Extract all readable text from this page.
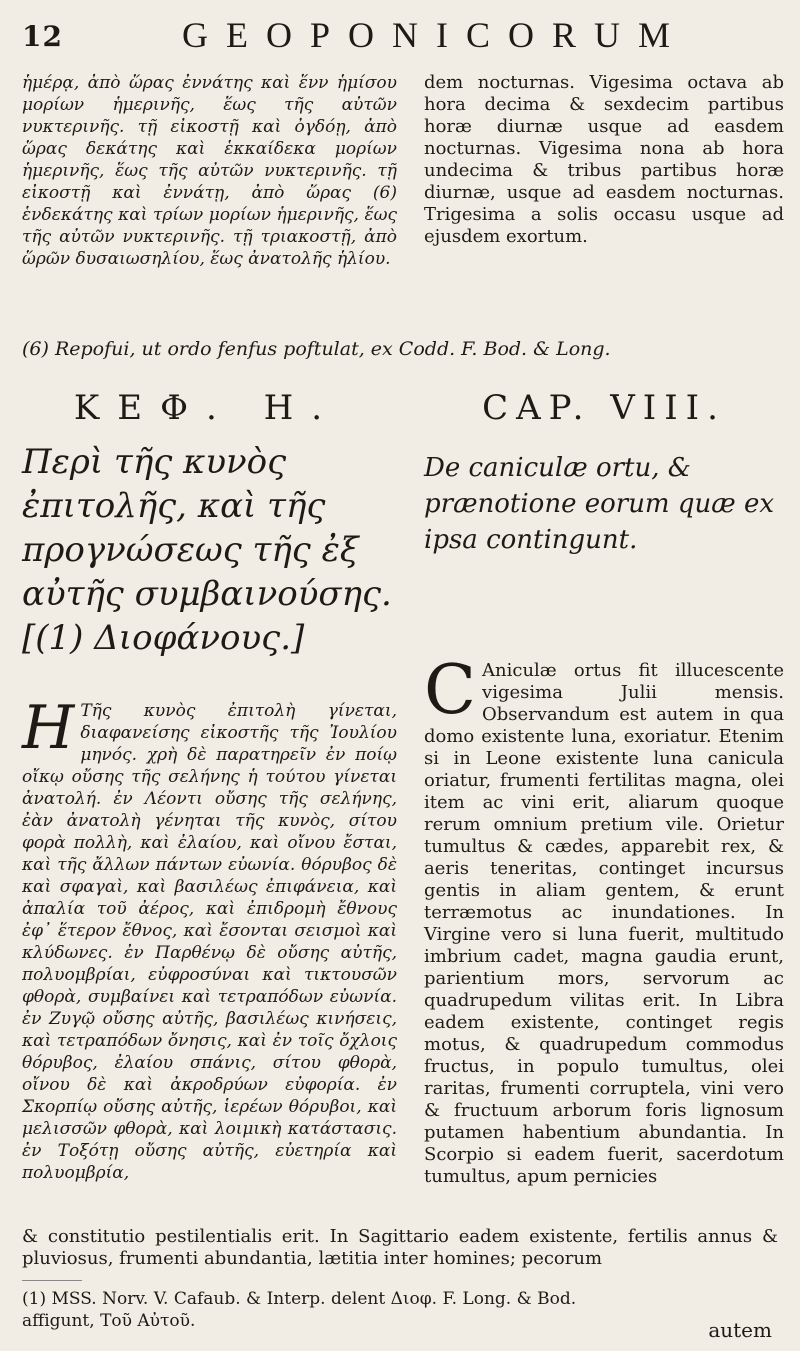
12	GEOPONICORUM
ἡμέρᾳ, ἀπὸ ὥρας ἐννάτης καὶ ἕνν ἡμίσου μορίων ἡμερινῆς, ἕως τῆς αὐτῶν νυκτερινῆς. τῇ εἰκοστῇ καὶ ὀγδόῃ, ἀπὸ ὥρας δεκάτης καὶ ἑκκαίδεκα μορίων ἡμερινῆς, ἕως τῆς αὐτῶν νυκτερινῆς. τῇ εἰκοστῇ καὶ ἐννάτῃ, ἀπὸ ὥρας (6) ἑνδεκάτης καὶ τρίων μορίων ἡμερινῆς, ἕως τῆς αὐτῶν νυκτερινῆς. τῇ τριακοστῇ, ἀπὸ ὥρῶν δυσαιωσηλίου, ἕως ἀνατολῆς ἡλίου.
dem nocturnas. Vigesima octava ab hora decima & sexdecim partibus horæ diurnæ usque ad easdem nocturnas. Vigesima nona ab hora undecima & tribus partibus horæ diurnæ, usque ad easdem nocturnas. Trigesima a solis occasu usque ad ejusdem exortum.
(6) Repofui, ut ordo fenfus poftulat, ex Codd. F. Bod. & Long.
ΚΕΦ. Η.	CAP. VIII.
Περὶ τῆς κυνὸς ἐπιτολῆς, καὶ τῆς προγνώσεως τῆς ἐξ αὐτῆς συμβαινούσης. [(1) Διοφάνους.]
De caniculæ ortu, & prænotione eorum quæ ex ipsa contingunt.
Η Τῆς κυνὸς ἐπιτολὴ γίνεται, διαφανείσης εἰκοστῆς τῆς Ἰουλίου μηνός. χρὴ δὲ παρατηρεῖν ἐν ποίῳ οἴκῳ οὔσης τῆς σελήνης ἡ τούτου γίνεται ἀνατολή. ἐν Λέοντι οὔσης τῆς σελήνης, ἐὰν ἀνατολὴ γένηται τῆς κυνὸς, σίτου φορὰ πολλὴ, καὶ ἐλαίου, καὶ οἴνου ἔσται, καὶ τῆς ἄλλων πάντων εὐωνία. θόρυβος δὲ καὶ σφαγαὶ, καὶ βασιλέως ἐπιφάνεια, καὶ ἀπαλία τοῦ ἀέρος, καὶ ἐπιδρομὴ ἔθνους ἐφ᾽ ἕτερον ἔθνος, καὶ ἔσονται σεισμοὶ καὶ κλύδωνες. ἐν Παρθένῳ δὲ οὔσης αὐτῆς, πολυομβρίαι, εὐφροσύναι καὶ τικτουσῶν φθορὰ, συμβαίνει καὶ τετραπόδων εὐωνία. ἐν Ζυγῷ οὔσης αὐτῆς, βασιλέως κινήσεις, καὶ τετραπόδων ὄνησις, καὶ ἐν τοῖς ὄχλοις θόρυβος, ἐλαίου σπάνις, σίτου φθορὰ, οἴνου δὲ καὶ ἀκροδρύων εὐφορία. ἐν Σκορπίῳ οὔσης αὐτῆς, ἱερέων θόρυβοι, καὶ μελισσῶν φθορὰ, καὶ λοιμικὴ κατάστασις. ἐν Τοξότῃ οὔσης αὐτῆς, εὐετηρία καὶ πολυομβρία,
C Aniculæ ortus fit illucescente vigesima Julii mensis. Observandum est autem in qua domo existente luna, exoriatur. Etenim si in Leone existente luna canicula oriatur, frumenti fertilitas magna, olei item ac vini erit, aliarum quoque rerum omnium pretium vile. Orietur tumultus & cædes, apparebit rex, & aeris teneritas, continget incursus gentis in aliam gentem, & erunt terræmotus ac inundationes. In Virgine vero si luna fuerit, multitudo imbrium cadet, magna gaudia erunt, parientium mors, servorum ac quadrupedum vilitas erit. In Libra eadem existente, continget regis motus, & quadrupedum commodus fructus, in populo tumultus, olei raritas, frumenti corruptela, vini vero & fructuum arborum foris lignosum putamen habentium abundantia. In Scorpio si eadem fuerit, sacerdotum tumultus, apum pernicies
& constitutio pestilentialis erit. In Sagittario eadem existente, fertilis annus & pluviosus, frumenti abundantia, lætitia inter homines; pecorum
(1) MSS. Norv. V. Cafaub. & Interp. delent Διοφ. F. Long. & Bod. affigunt, Τοῦ Αὐτοῦ.	autem
